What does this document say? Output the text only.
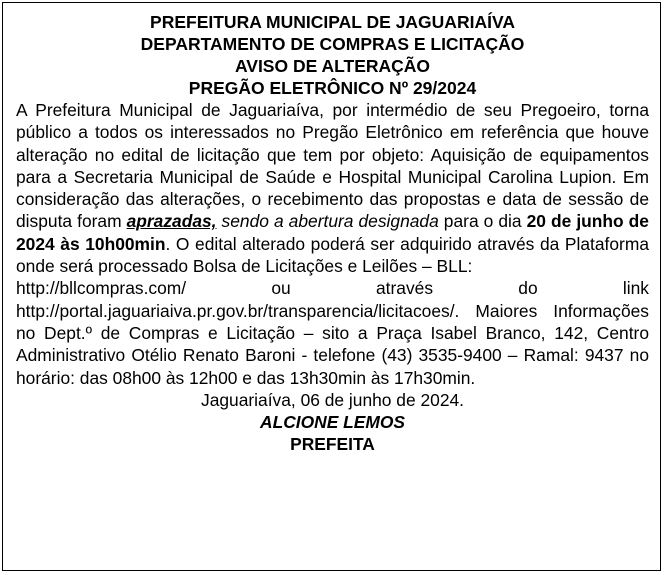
PREFEITURA MUNICIPAL DE JAGUARIAÍVA
DEPARTAMENTO DE COMPRAS E LICITAÇÃO
AVISO DE ALTERAÇÃO
PREGÃO ELETRÔNICO Nº 29/2024

A Prefeitura Municipal de Jaguariaíva, por intermédio de seu Pregoeiro, torna público a todos os interessados no Pregão Eletrônico em referência que houve alteração no edital de licitação que tem por objeto: Aquisição de equipamentos para a Secretaria Municipal de Saúde e Hospital Municipal Carolina Lupion. Em consideração das alterações, o recebimento das propostas e data de sessão de disputa foram aprazadas, sendo a abertura designada para o dia 20 de junho de 2024 às 10h00min. O edital alterado poderá ser adquirido através da Plataforma onde será processado Bolsa de Licitações e Leilões – BLL:

http://bllcompras.com/	ou	através	do	link

http://portal.jaguariaiva.pr.gov.br/transparencia/licitacoes/. Maiores Informações no Dept.º de Compras e Licitação – sito a Praça Isabel Branco, 142, Centro Administrativo Otélio Renato Baroni - telefone (43) 3535-9400 – Ramal: 9437 no horário: das 08h00 às 12h00 e das 13h30min às 17h30min.

Jaguariaíva, 06 de junho de 2024.
ALCIONE LEMOS
PREFEITA
